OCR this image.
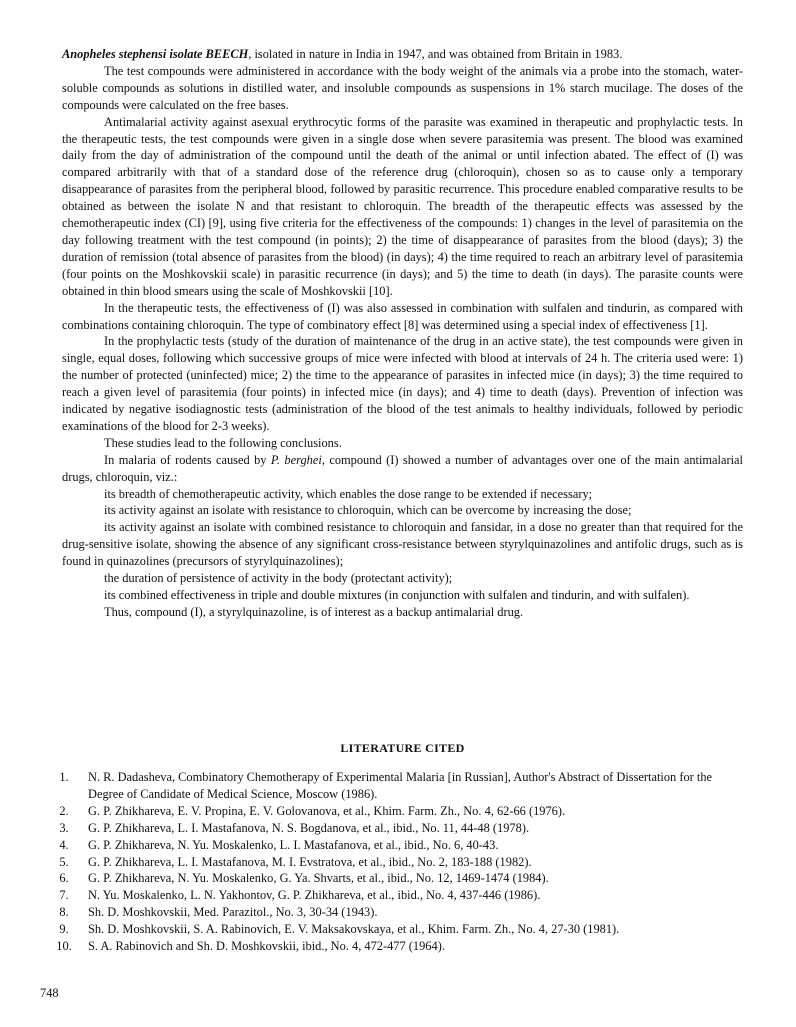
Anopheles stephensi isolate BEECH, isolated in nature in India in 1947, and was obtained from Britain in 1983.

The test compounds were administered in accordance with the body weight of the animals via a probe into the stomach, water-soluble compounds as solutions in distilled water, and insoluble compounds as suspensions in 1% starch mucilage. The doses of the compounds were calculated on the free bases.

Antimalarial activity against asexual erythrocytic forms of the parasite was examined in therapeutic and prophylactic tests. In the therapeutic tests, the test compounds were given in a single dose when severe parasitemia was present. The blood was examined daily from the day of administration of the compound until the death of the animal or until infection abated. The effect of (I) was compared arbitrarily with that of a standard dose of the reference drug (chloroquin), chosen so as to cause only a temporary disappearance of parasites from the peripheral blood, followed by parasitic recurrence. This procedure enabled comparative results to be obtained as between the isolate N and that resistant to chloroquin. The breadth of the therapeutic effects was assessed by the chemotherapeutic index (CI) [9], using five criteria for the effectiveness of the compounds: 1) changes in the level of parasitemia on the day following treatment with the test compound (in points); 2) the time of disappearance of parasites from the blood (days); 3) the duration of remission (total absence of parasites from the blood) (in days); 4) the time required to reach an arbitrary level of parasitemia (four points on the Moshkovskii scale) in parasitic recurrence (in days); and 5) the time to death (in days). The parasite counts were obtained in thin blood smears using the scale of Moshkovskii [10].

In the therapeutic tests, the effectiveness of (I) was also assessed in combination with sulfalen and tindurin, as compared with combinations containing chloroquin. The type of combinatory effect [8] was determined using a special index of effectiveness [1].

In the prophylactic tests (study of the duration of maintenance of the drug in an active state), the test compounds were given in single, equal doses, following which successive groups of mice were infected with blood at intervals of 24 h. The criteria used were: 1) the number of protected (uninfected) mice; 2) the time to the appearance of parasites in infected mice (in days); 3) the time required to reach a given level of parasitemia (four points) in infected mice (in days); and 4) time to death (days). Prevention of infection was indicated by negative isodiagnostic tests (administration of the blood of the test animals to healthy individuals, followed by periodic examinations of the blood for 2-3 weeks).

These studies lead to the following conclusions.

In malaria of rodents caused by P. berghei, compound (I) showed a number of advantages over one of the main antimalarial drugs, chloroquin, viz.:

its breadth of chemotherapeutic activity, which enables the dose range to be extended if necessary;

its activity against an isolate with resistance to chloroquin, which can be overcome by increasing the dose;

its activity against an isolate with combined resistance to chloroquin and fansidar, in a dose no greater than that required for the drug-sensitive isolate, showing the absence of any significant cross-resistance between styrylquinazolines and antifolic drugs, such as is found in quinazolines (precursors of styrylquinazolines);

the duration of persistence of activity in the body (protectant activity);

its combined effectiveness in triple and double mixtures (in conjunction with sulfalen and tindurin, and with sulfalen).

Thus, compound (I), a styrylquinazoline, is of interest as a backup antimalarial drug.

LITERATURE CITED
1.	N. R. Dadasheva, Combinatory Chemotherapy of Experimental Malaria [in Russian], Author's Abstract of Dissertation for the Degree of Candidate of Medical Science, Moscow (1986).
2.	G. P. Zhikhareva, E. V. Propina, E. V. Golovanova, et al., Khim. Farm. Zh., No. 4, 62-66 (1976).
3.	G. P. Zhikhareva, L. I. Mastafanova, N. S. Bogdanova, et al., ibid., No. 11, 44-48 (1978).
4.	G. P. Zhikhareva, N. Yu. Moskalenko, L. I. Mastafanova, et al., ibid., No. 6, 40-43.
5.	G. P. Zhikhareva, L. I. Mastafanova, M. I. Evstratova, et al., ibid., No. 2, 183-188 (1982).
6.	G. P. Zhikhareva, N. Yu. Moskalenko, G. Ya. Shvarts, et al., ibid., No. 12, 1469-1474 (1984).
7.	N. Yu. Moskalenko, L. N. Yakhontov, G. P. Zhikhareva, et al., ibid., No. 4, 437-446 (1986).
8.	Sh. D. Moshkovskii, Med. Parazitol., No. 3, 30-34 (1943).
9.	Sh. D. Moshkovskii, S. A. Rabinovich, E. V. Maksakovskaya, et al., Khim. Farm. Zh., No. 4, 27-30 (1981).
10.	S. A. Rabinovich and Sh. D. Moshkovskii, ibid., No. 4, 472-477 (1964).
748
